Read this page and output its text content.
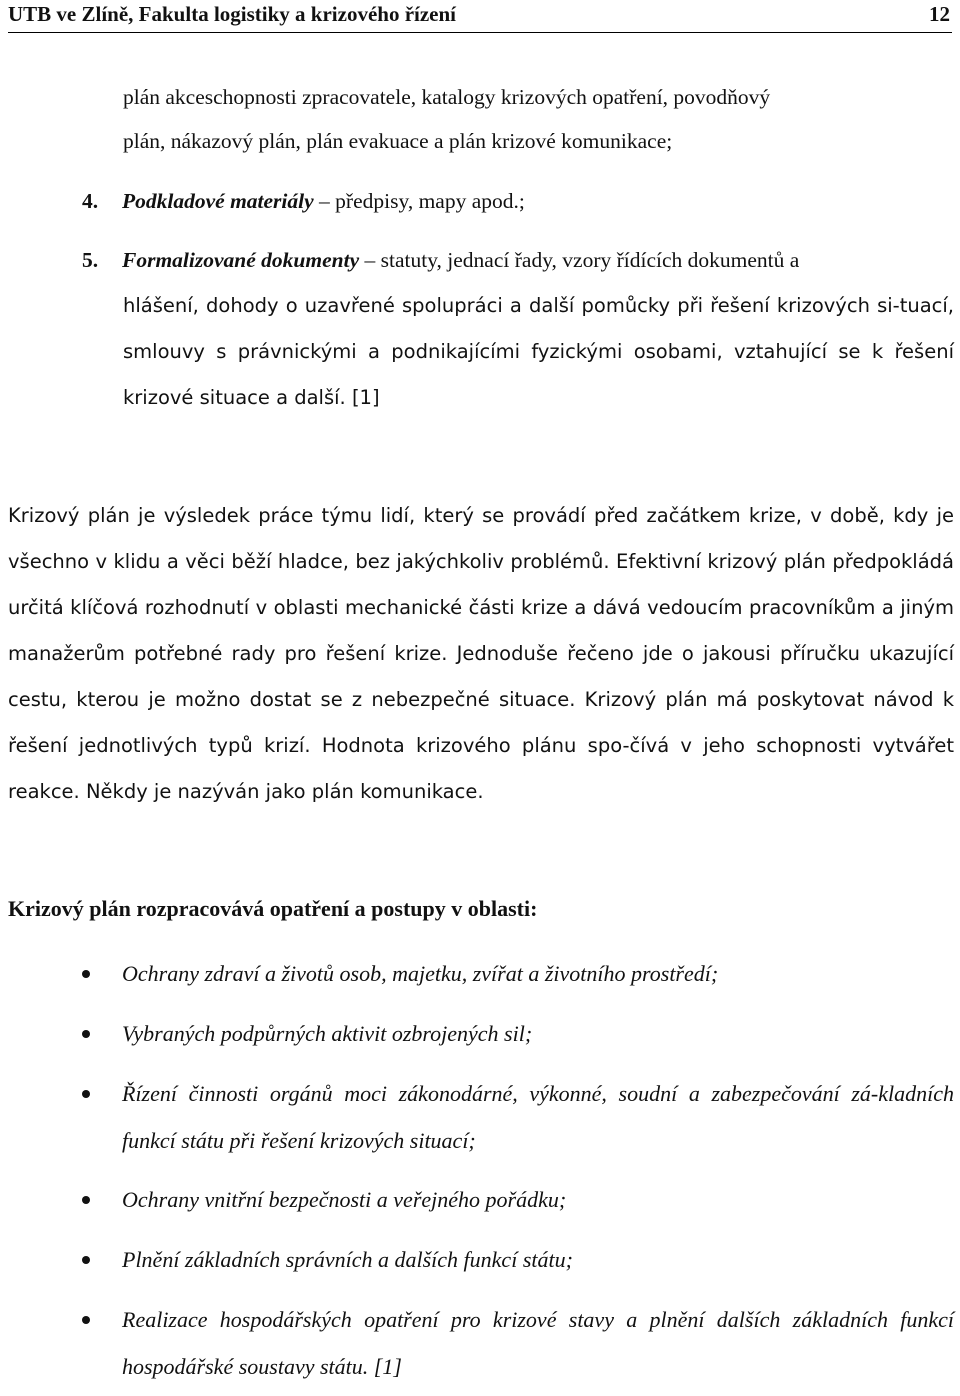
UTB ve Zlíně, Fakulta logistiky a krizového řízení	12
plán akceschopnosti zpracovatele, katalogy krizových opatření, povodňový
plán, nákazový plán, plán evakuace a plán krizové komunikace;
4. Podkladové materiály – předpisy, mapy apod.;
5. Formalizované dokumenty – statuty, jednací řady, vzory řídících dokumentů a

hlášení, dohody o uzavřené spolupráci a další pomůcky při řešení krizových si-tuací, smlouvy s právnickými a podnikajícími fyzickými osobami, vztahující se k řešení krizové situace a další. [1]

Krizový plán je výsledek práce týmu lidí, který se provádí před začátkem krize, v době, kdy je všechno v klidu a věci běží hladce, bez jakýchkoliv problémů. Efektivní krizový plán předpokládá určitá klíčová rozhodnutí v oblasti mechanické části krize a dává vedoucím pracovníkům a jiným manažerům potřebné rady pro řešení krize. Jednoduše řečeno jde o jakousi příručku ukazující cestu, kterou je možno dostat se z nebezpečné situace. Krizový plán má poskytovat návod k řešení jednotlivých typů krizí. Hodnota krizového plánu spo-čívá v jeho schopnosti vytvářet reakce. Někdy je nazýván jako plán komunikace.

Krizový plán rozpracovává opatření a postupy v oblasti:
Ochrany zdraví a životů osob, majetku, zvířat a životního prostředí;
Vybraných podpůrných aktivit ozbrojených sil;
Řízení činnosti orgánů moci zákonodárné, výkonné, soudní a zabezpečování zá-kladních funkcí státu při řešení krizových situací;
Ochrany vnitřní bezpečnosti a veřejného pořádku;
Plnění základních správních a dalších funkcí státu;
Realizace hospodářských opatření pro krizové stavy a plnění dalších základních funkcí hospodářské soustavy státu. [1]
